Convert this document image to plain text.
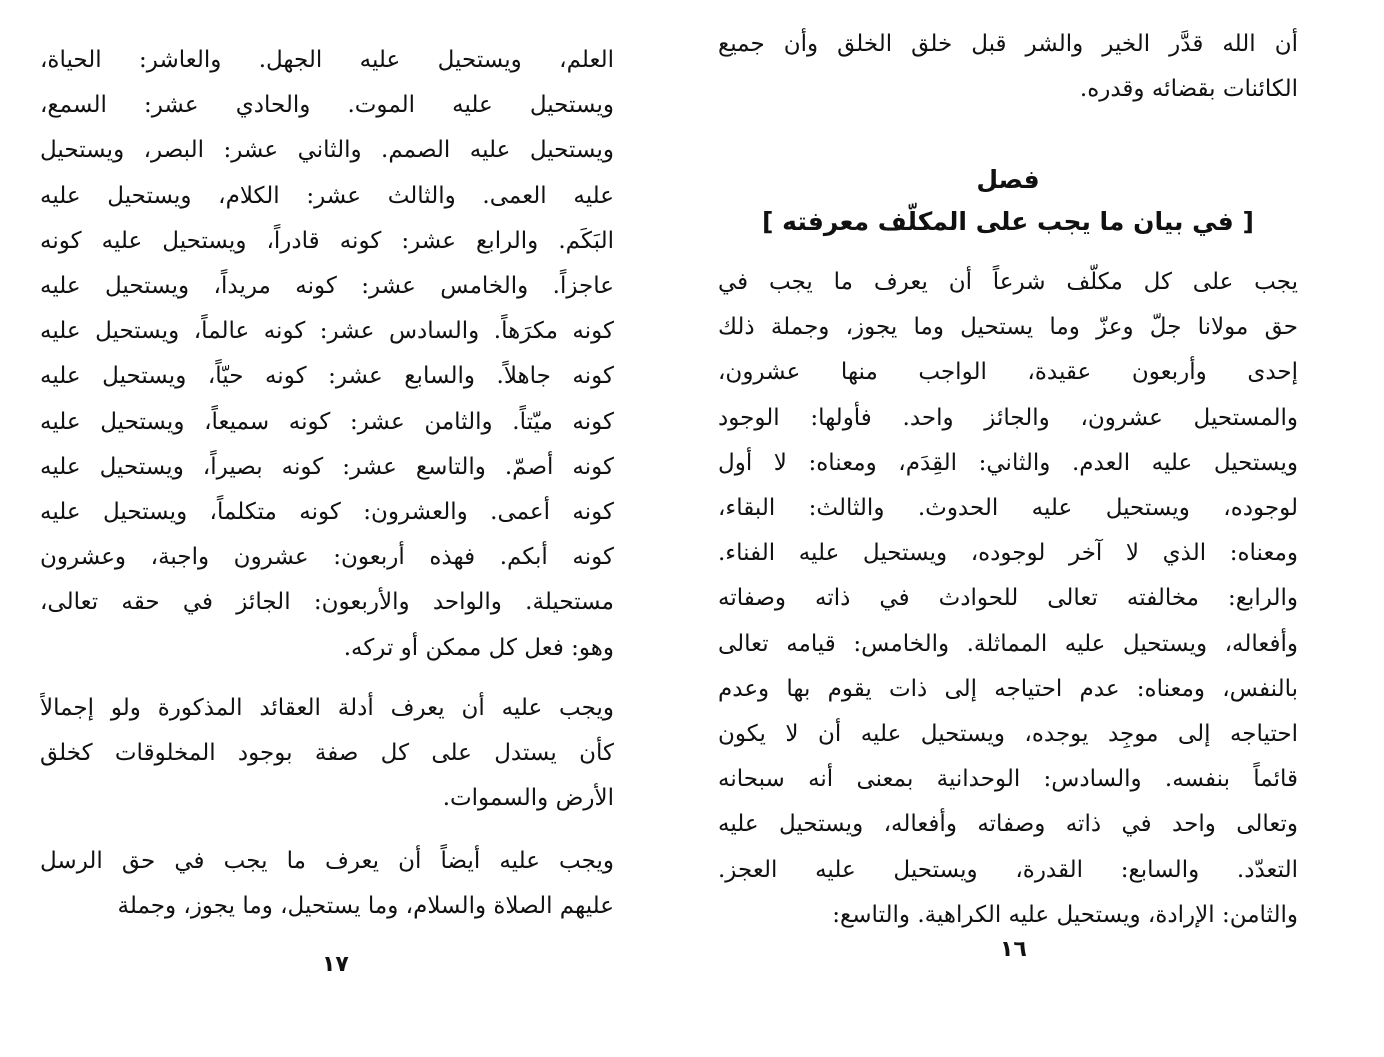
العلم، ويستحيل عليه الجهل. والعاشر: الحياة،
ويستحيل عليه الموت. والحادي عشر: السمع،
ويستحيل عليه الصمم. والثاني عشر: البصر، ويستحيل
عليه العمى. والثالث عشر: الكلام، ويستحيل عليه
البَكَم. والرابع عشر: كونه قادراً، ويستحيل عليه كونه
عاجزاً. والخامس عشر: كونه مريداً، ويستحيل عليه
كونه مكرَهاً. والسادس عشر: كونه عالماً، ويستحيل عليه
كونه جاهلاً. والسابع عشر: كونه حيّاً، ويستحيل عليه
كونه ميّتاً. والثامن عشر: كونه سميعاً، ويستحيل عليه
كونه أصمّ. والتاسع عشر: كونه بصيراً، ويستحيل عليه
كونه أعمى. والعشرون: كونه متكلماً، ويستحيل عليه
كونه أبكم. فهذه أربعون: عشرون واجبة، وعشرون
مستحيلة. والواحد والأربعون: الجائز في حقه تعالى،
وهو: فعل كل ممكن أو تركه.
ويجب عليه أن يعرف أدلة العقائد المذكورة ولو إجمالاً
كأن يستدل على كل صفة بوجود المخلوقات كخلق
الأرض والسموات.
ويجب عليه أيضاً أن يعرف ما يجب في حق الرسل
عليهم الصلاة والسلام، وما يستحيل، وما يجوز، وجملة
١٧
أن الله قدَّر الخير والشر قبل خلق الخلق وأن جميع
الكائنات بقضائه وقدره.
فصل
[ في بيان ما يجب على المكلّف معرفته ]
يجب على كل مكلّف شرعاً أن يعرف ما يجب في
حق مولانا جلّ وعزّ وما يستحيل وما يجوز، وجملة ذلك
إحدى وأربعون عقيدة، الواجب منها عشرون،
والمستحيل عشرون، والجائز واحد. فأولها: الوجود
ويستحيل عليه العدم. والثاني: القِدَم، ومعناه: لا أول
لوجوده، ويستحيل عليه الحدوث. والثالث: البقاء،
ومعناه: الذي لا آخر لوجوده، ويستحيل عليه الفناء.
والرابع: مخالفته تعالى للحوادث في ذاته وصفاته
وأفعاله، ويستحيل عليه المماثلة. والخامس: قيامه تعالى
بالنفس، ومعناه: عدم احتياجه إلى ذات يقوم بها وعدم
احتياجه إلى موجِد يوجده، ويستحيل عليه أن لا يكون
قائماً بنفسه. والسادس: الوحدانية بمعنى أنه سبحانه
وتعالى واحد في ذاته وصفاته وأفعاله، ويستحيل عليه
التعدّد. والسابع: القدرة، ويستحيل عليه العجز.
والثامن: الإرادة، ويستحيل عليه الكراهية. والتاسع:
١٦
